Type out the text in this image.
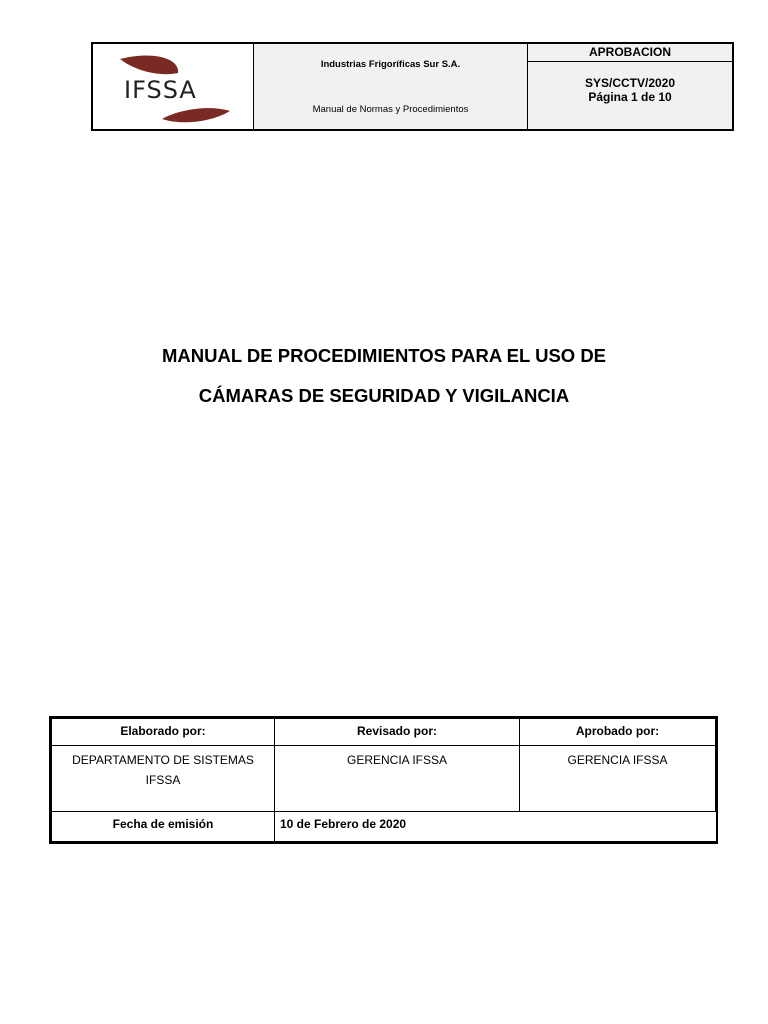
IFSSA
Industrias Frigoríficas Sur S.A.
Manual de Normas y Procedimientos
APROBACION
SYS/CCTV/2020
Página 1 de 10
MANUAL DE PROCEDIMIENTOS PARA EL USO DE
CÁMARAS DE SEGURIDAD Y VIGILANCIA
Elaborado por:	Revisado por:	Aprobado por:

DEPARTAMENTO DE SISTEMAS
IFSSA	GERENCIA IFSSA	GERENCIA IFSSA
Fecha de emisión	10 de Febrero de 2020	
